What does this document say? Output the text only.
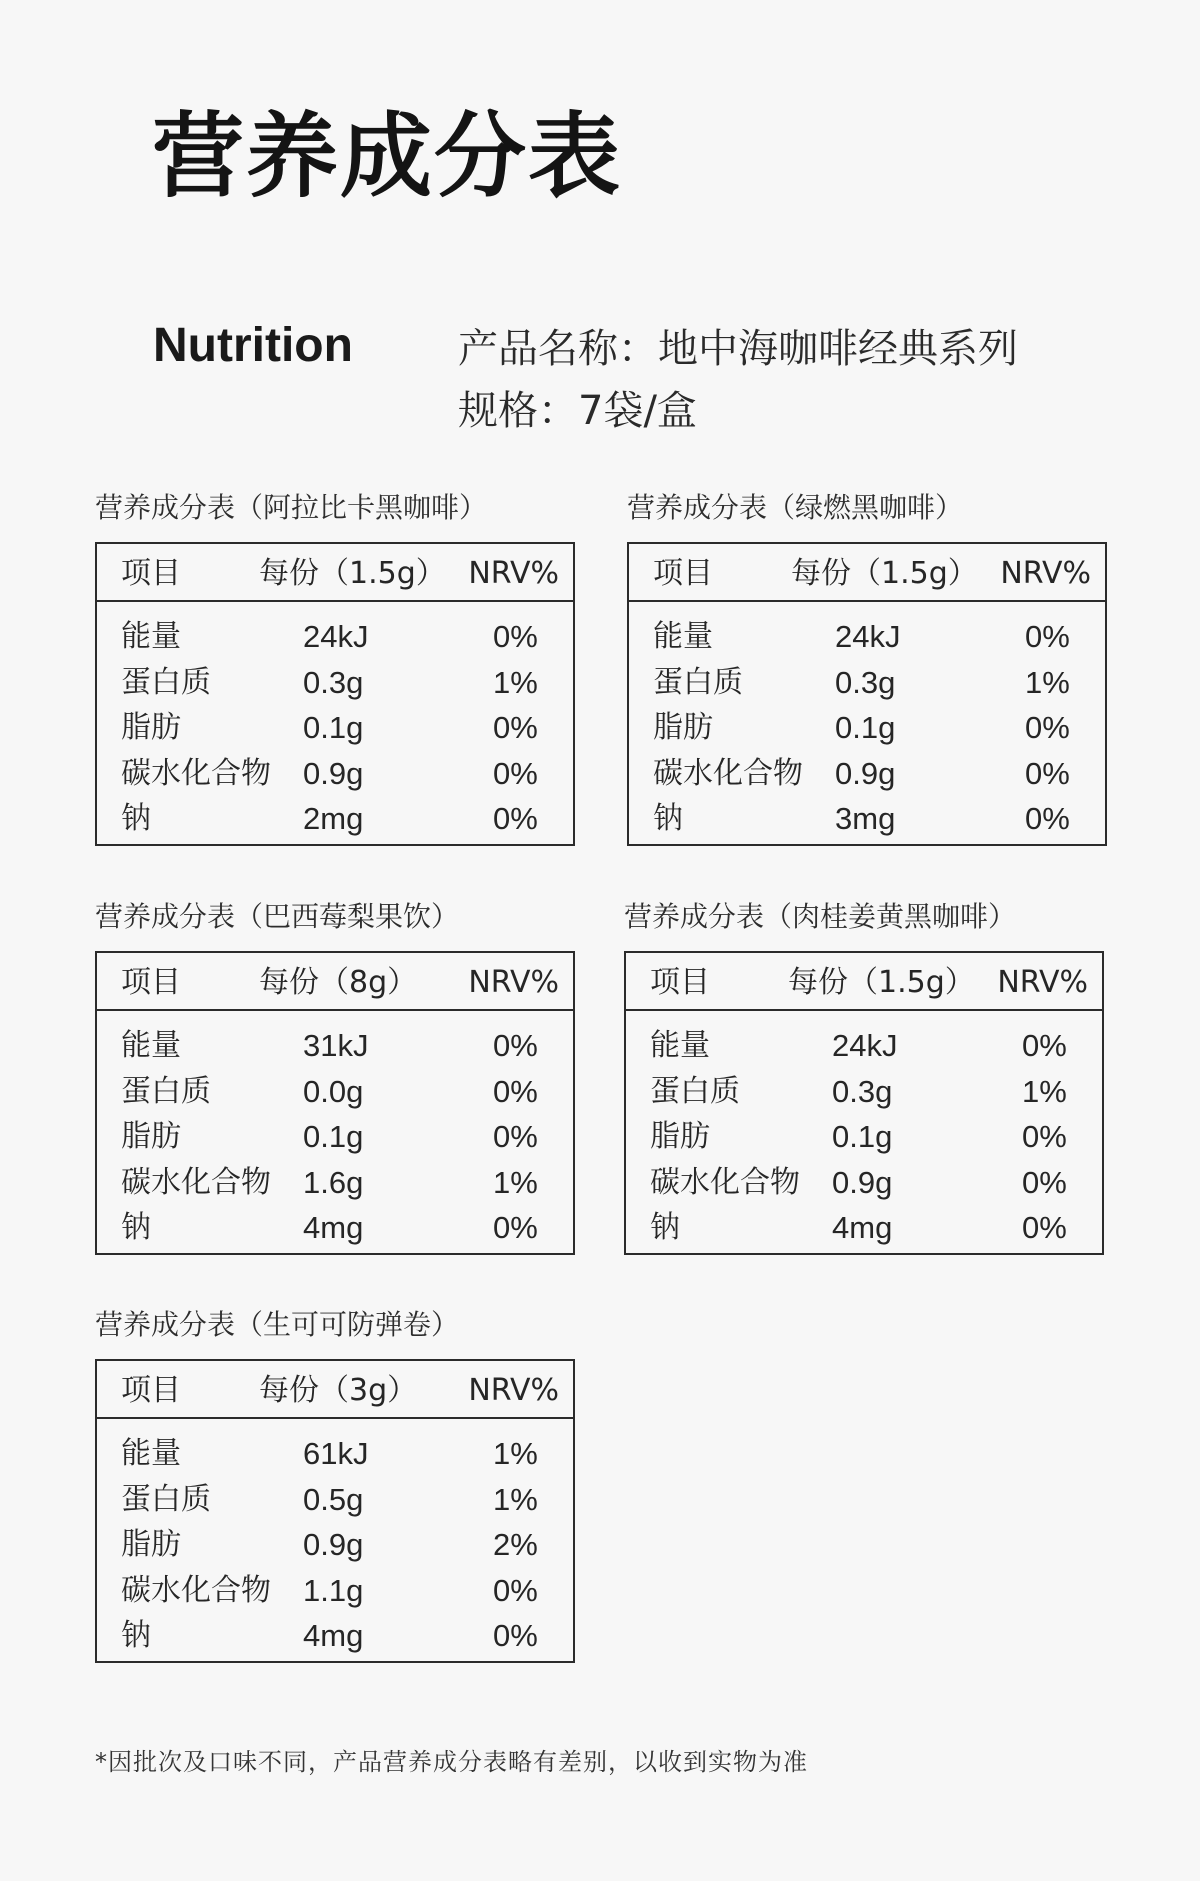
营养成分表
Nutrition	产品名称：地中海咖啡经典系列
规格：7袋/盒
营养成分表（阿拉比卡黑咖啡）
项目	每份（1.5g） NRV%
能量	24kJ	0%
蛋白质	0.3g	1%
脂肪	0.1g	0%
碳水化合物 0.9g	0%
钠	2mg	0%
营养成分表（绿燃黑咖啡）
项目	每份（1.5g） NRV%
能量	24kJ	0%
蛋白质	0.3g	1%
脂肪	0.1g	0%
碳水化合物 0.9g	0%
钠	3mg	0%
营养成分表（巴西莓梨果饮）
项目	每份（8g） NRV%
能量	31kJ	0%
蛋白质	0.0g	0%
脂肪	0.1g	0%
碳水化合物 1.6g	1%
钠	4mg	0%
营养成分表（肉桂姜黄黑咖啡）
项目	每份（1.5g） NRV%
能量	24kJ	0%
蛋白质	0.3g	1%
脂肪	0.1g	0%
碳水化合物 0.9g	0%
钠	4mg	0%
营养成分表（生可可防弹卷）
项目	每份（3g） NRV%
能量	61kJ	1%
蛋白质	0.5g	1%
脂肪	0.9g	2%
碳水化合物 1.1g	0%
钠	4mg	0%
*因批次及口味不同，产品营养成分表略有差别，以收到实物为准
